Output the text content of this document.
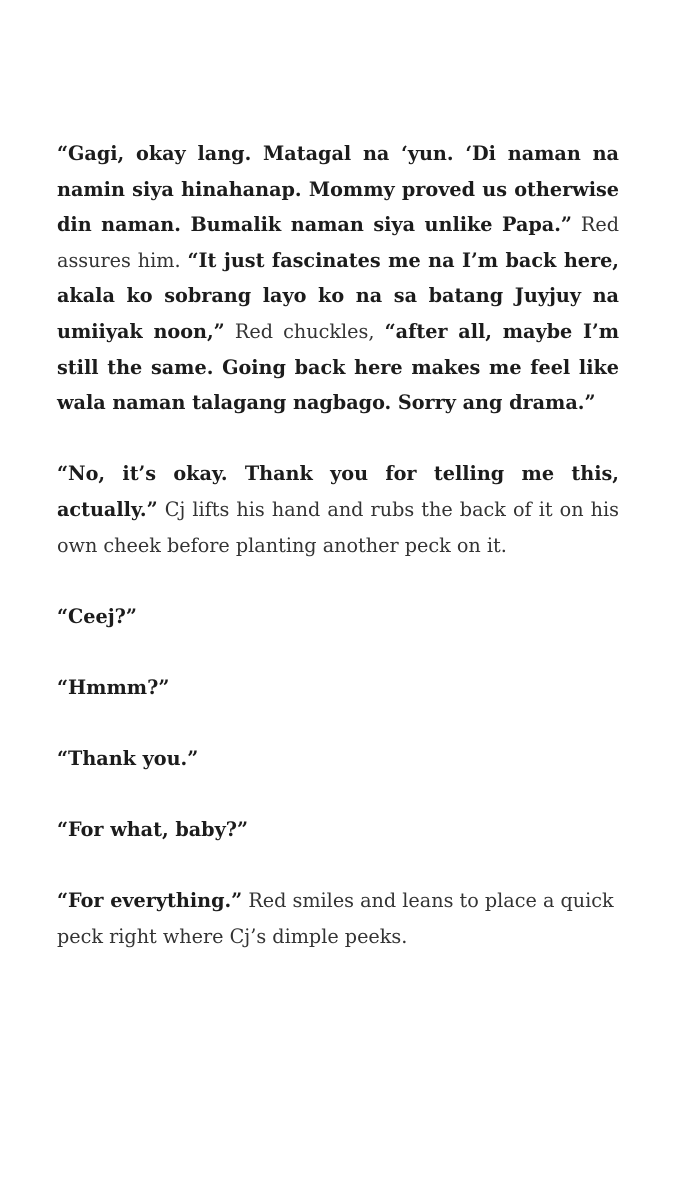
“Gagi, okay lang. Matagal na ‘yun. ‘Di naman na namin siya hinahanap. Mommy proved us otherwise din naman. Bumalik naman siya unlike Papa.” Red assures him. “It just fascinates me na I’m back here, akala ko sobrang layo ko na sa batang Juyjuy na umiiyak noon,” Red chuckles, “after all, maybe I’m still the same. Going back here makes me feel like wala naman talagang nagbago. Sorry ang drama.”

“No, it’s okay. Thank you for telling me this, actually.” Cj lifts his hand and rubs the back of it on his own cheek before planting another peck on it.

“Ceej?”

“Hmmm?”

“Thank you.”

“For what, baby?”

“For everything.” Red smiles and leans to place a quick peck right where Cj’s dimple peeks.
